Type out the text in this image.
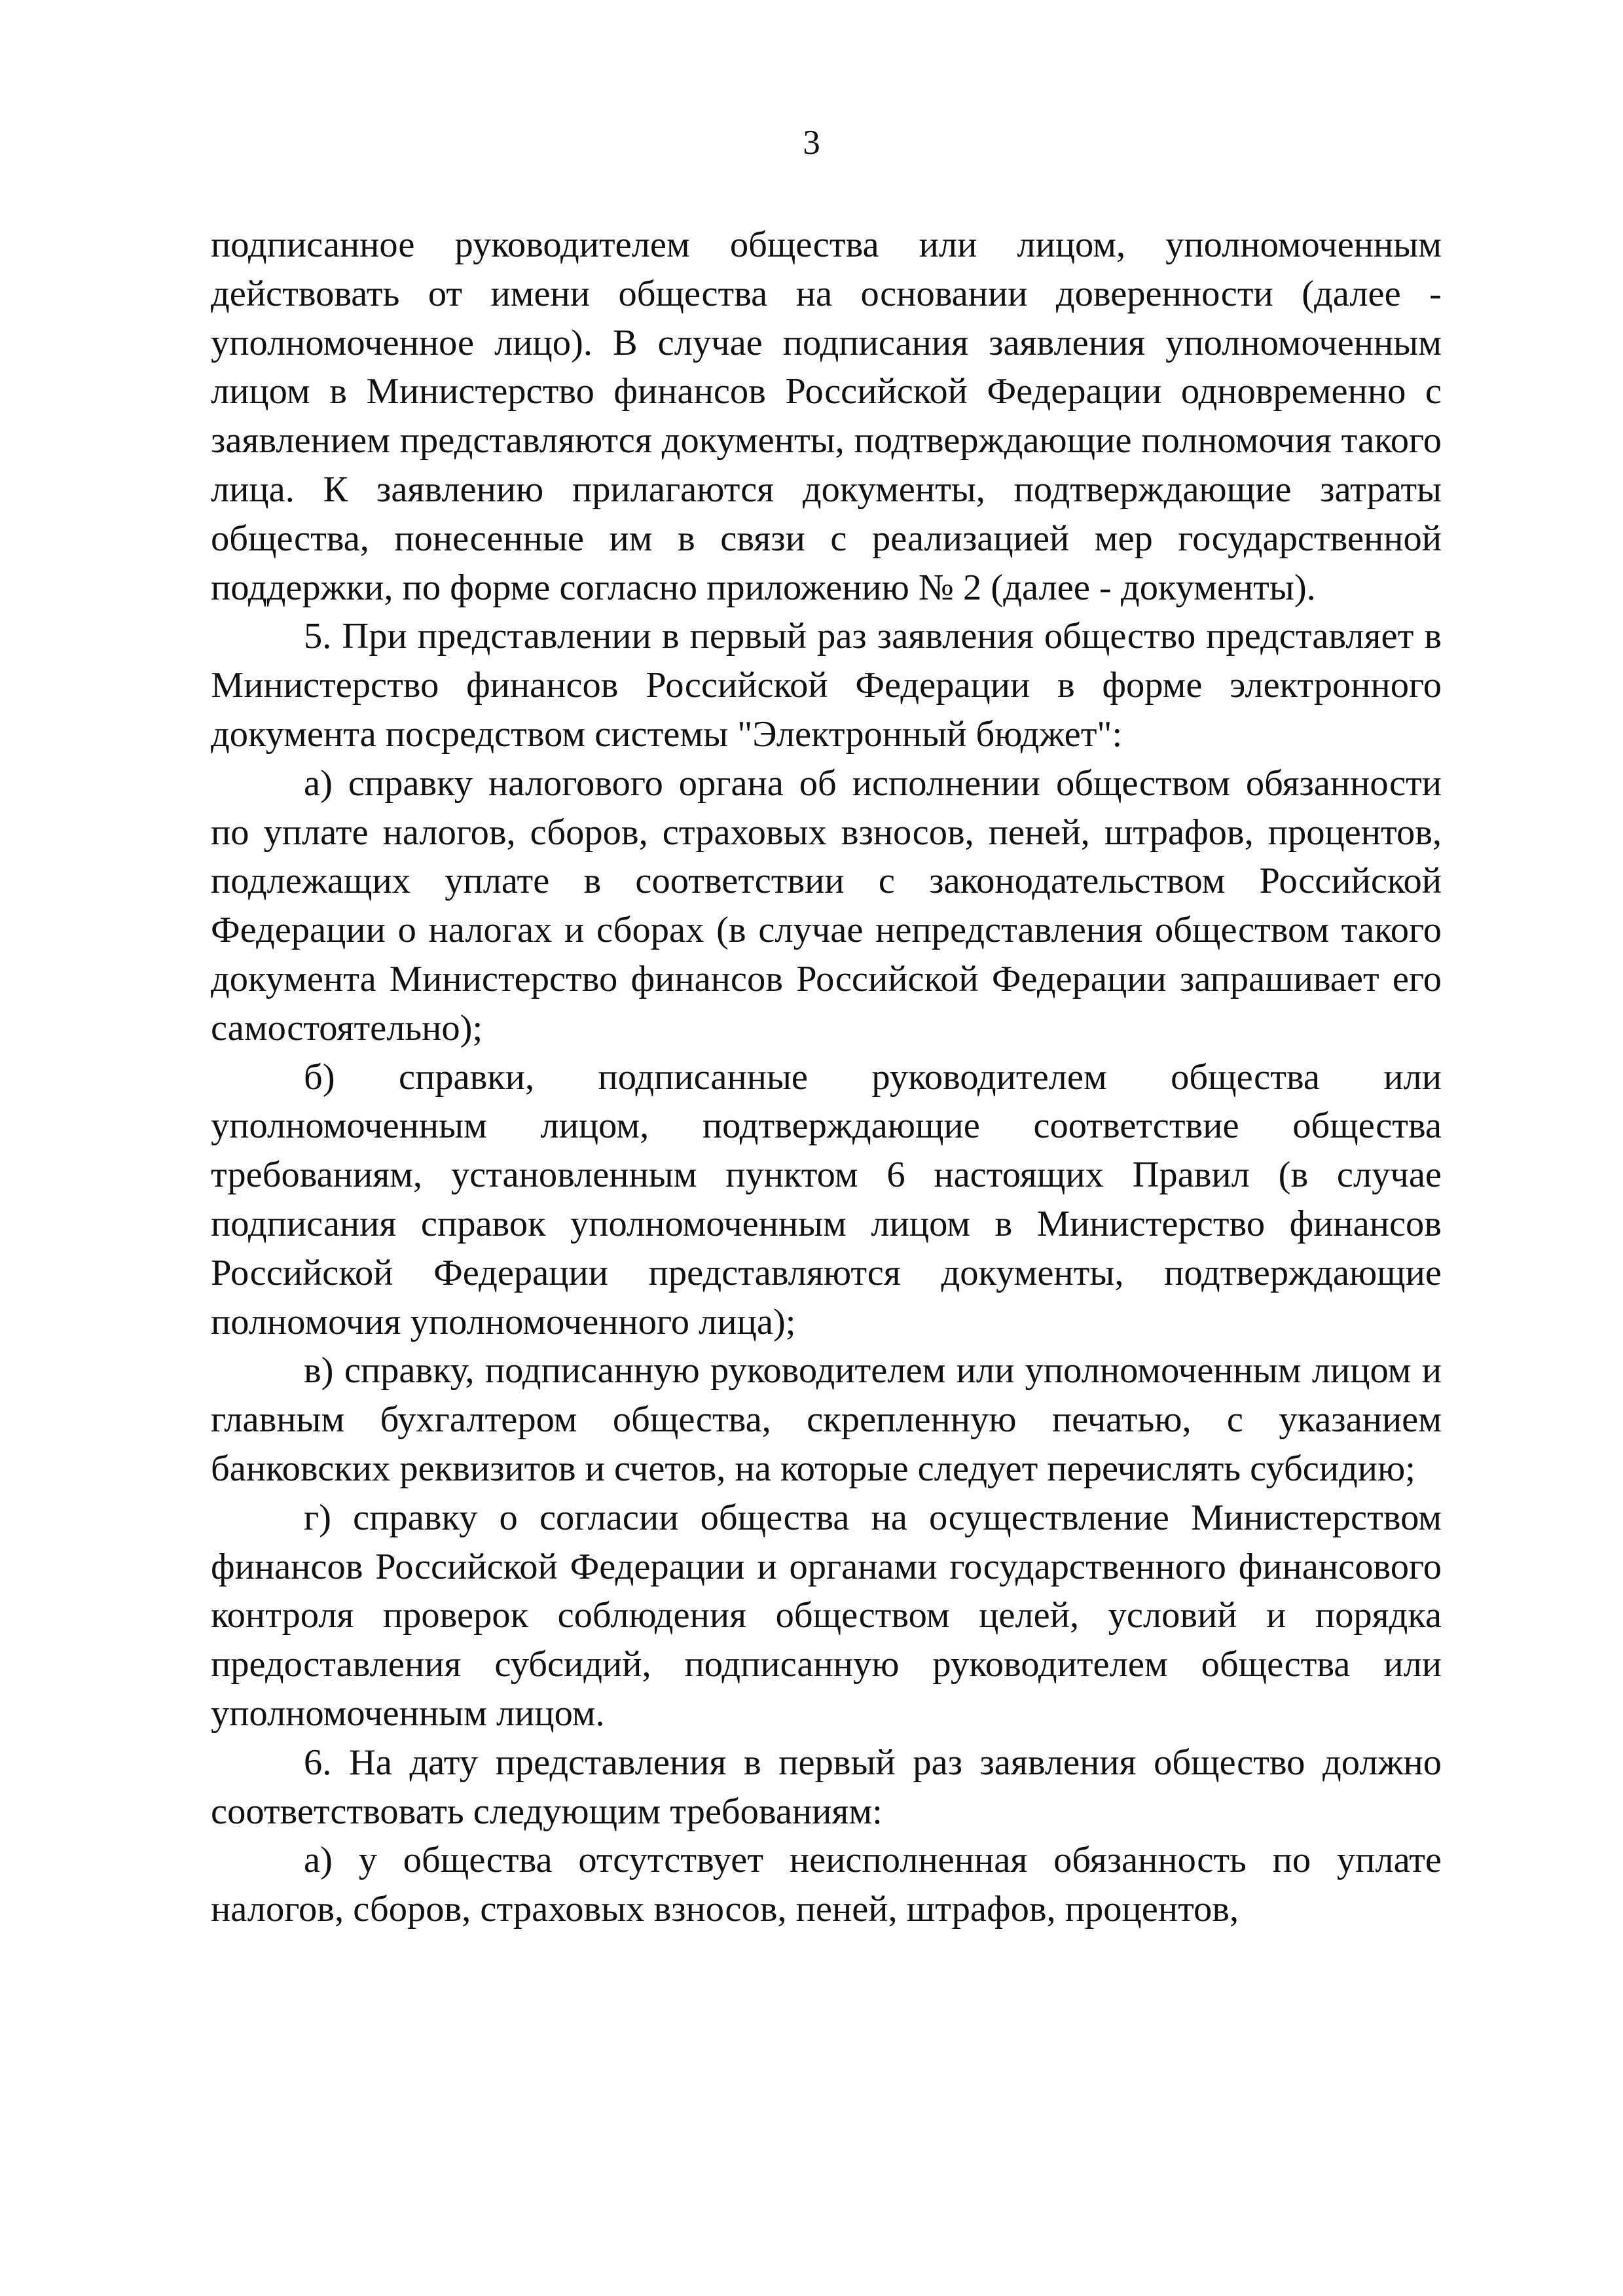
3

подписанное руководителем общества или лицом, уполномоченным действовать от имени общества на основании доверенности (далее - уполномоченное лицо). В случае подписания заявления уполномоченным лицом в Министерство финансов Российской Федерации одновременно с заявлением представляются документы, подтверждающие полномочия такого лица. К заявлению прилагаются документы, подтверждающие затраты общества, понесенные им в связи с реализацией мер государственной поддержки, по форме согласно приложению № 2 (далее - документы).

5. При представлении в первый раз заявления общество представляет в Министерство финансов Российской Федерации в форме электронного документа посредством системы "Электронный бюджет":

а) справку налогового органа об исполнении обществом обязанности по уплате налогов, сборов, страховых взносов, пеней, штрафов, процентов, подлежащих уплате в соответствии с законодательством Российской Федерации о налогах и сборах (в случае непредставления обществом такого документа Министерство финансов Российской Федерации запрашивает его самостоятельно);

б) справки, подписанные руководителем общества или уполномоченным лицом, подтверждающие соответствие общества требованиям, установленным пунктом 6 настоящих Правил (в случае подписания справок уполномоченным лицом в Министерство финансов Российской Федерации представляются документы, подтверждающие полномочия уполномоченного лица);

в) справку, подписанную руководителем или уполномоченным лицом и главным бухгалтером общества, скрепленную печатью, с указанием банковских реквизитов и счетов, на которые следует перечислять субсидию;

г) справку о согласии общества на осуществление Министерством финансов Российской Федерации и органами государственного финансового контроля проверок соблюдения обществом целей, условий и порядка предоставления субсидий, подписанную руководителем общества или уполномоченным лицом.

6. На дату представления в первый раз заявления общество должно соответствовать следующим требованиям:

а) у общества отсутствует неисполненная обязанность по уплате налогов, сборов, страховых взносов, пеней, штрафов, процентов,
